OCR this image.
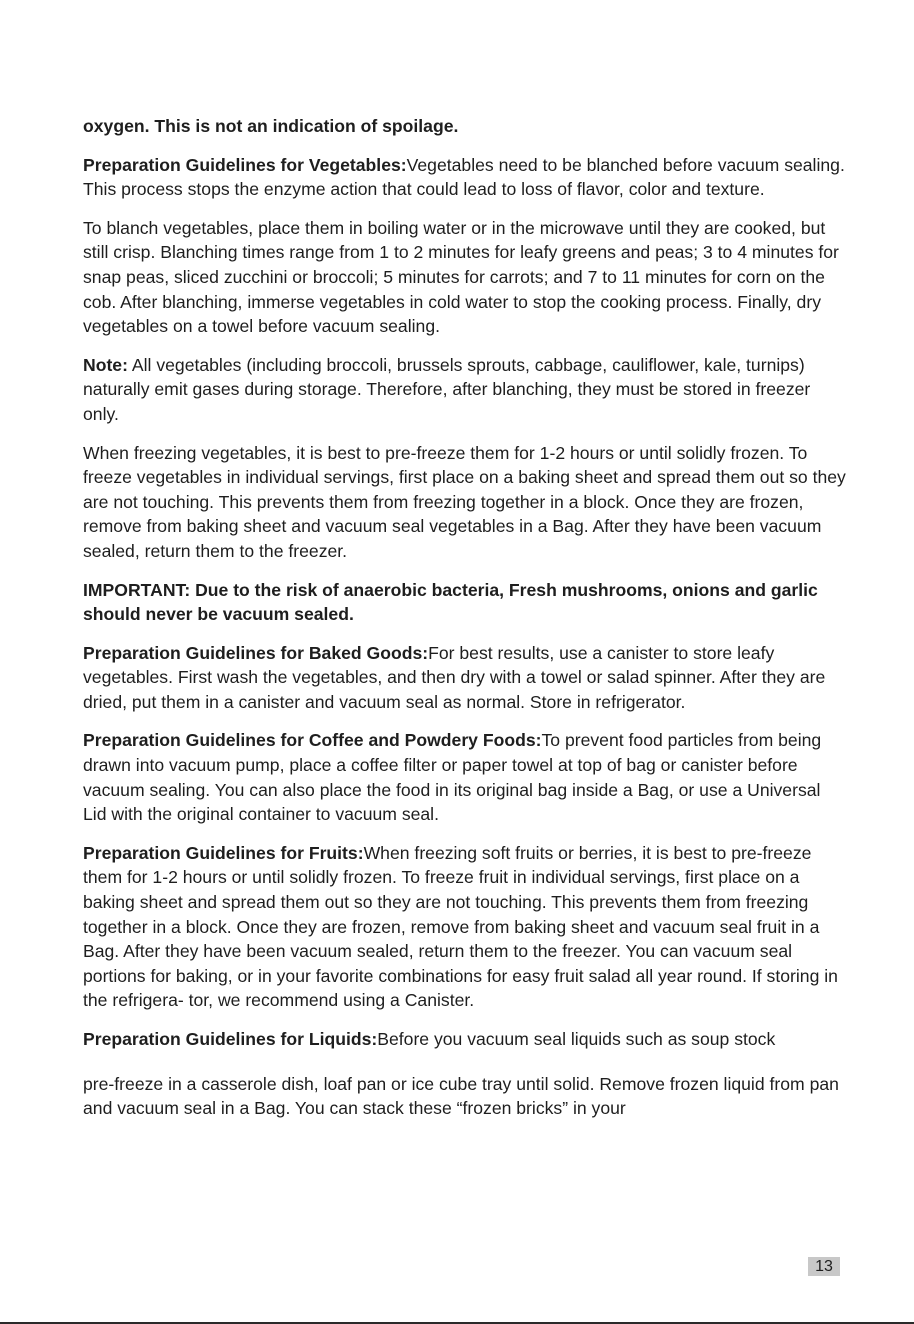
oxygen. This is not an indication of spoilage.

Preparation Guidelines for Vegetables:Vegetables need to be blanched before vacuum sealing. This process stops the enzyme action that could lead to loss of flavor, color and texture.

To blanch vegetables, place them in boiling water or in the microwave until they are cooked, but still crisp. Blanching times range from 1 to 2 minutes for leafy greens and peas; 3 to 4 minutes for snap peas, sliced zucchini or broccoli; 5 minutes for carrots; and 7 to 11 minutes for corn on the cob. After blanching, immerse vegetables in cold water to stop the cooking process. Finally, dry vegetables on a towel before vacuum sealing.

Note: All vegetables (including broccoli, brussels sprouts, cabbage, cauliflower, kale, turnips) naturally emit gases during storage. Therefore, after blanching, they must be stored in freezer only.

When freezing vegetables, it is best to pre-freeze them for 1-2 hours or until solidly frozen. To freeze vegetables in individual servings, first place on a baking sheet and spread them out so they are not touching. This prevents them from freezing together in a block. Once they are frozen, remove from baking sheet and vacuum seal vegetables in a Bag. After they have been vacuum sealed, return them to the freezer.

IMPORTANT: Due to the risk of anaerobic bacteria, Fresh mushrooms, onions and garlic should never be vacuum sealed.

Preparation Guidelines for Baked Goods:For best results, use a canister to store leafy vegetables. First wash the vegetables, and then dry with a towel or salad spinner. After they are dried, put them in a canister and vacuum seal as normal. Store in refrigerator.

Preparation Guidelines for Coffee and Powdery Foods:To prevent food particles from being drawn into vacuum pump, place a coffee filter or paper towel at top of bag or canister before vacuum sealing. You can also place the food in its original bag inside a Bag, or use a Universal Lid with the original container to vacuum seal.

Preparation Guidelines for Fruits:When freezing soft fruits or berries, it is best to pre-freeze them for 1-2 hours or until solidly frozen. To freeze fruit in individual servings, first place on a baking sheet and spread them out so they are not touching. This prevents them from freezing together in a block. Once they are frozen, remove from baking sheet and vacuum seal fruit in a Bag. After they have been vacuum sealed, return them to the freezer. You can vacuum seal portions for baking, or in your favorite combinations for easy fruit salad all year round. If storing in the refrigera- tor, we recommend using a Canister.

Preparation Guidelines for Liquids:Before you vacuum seal liquids such as soup stock

pre-freeze in a casserole dish, loaf pan or ice cube tray until solid. Remove frozen liquid from pan and vacuum seal in a Bag. You can stack these “frozen bricks” in your

13
